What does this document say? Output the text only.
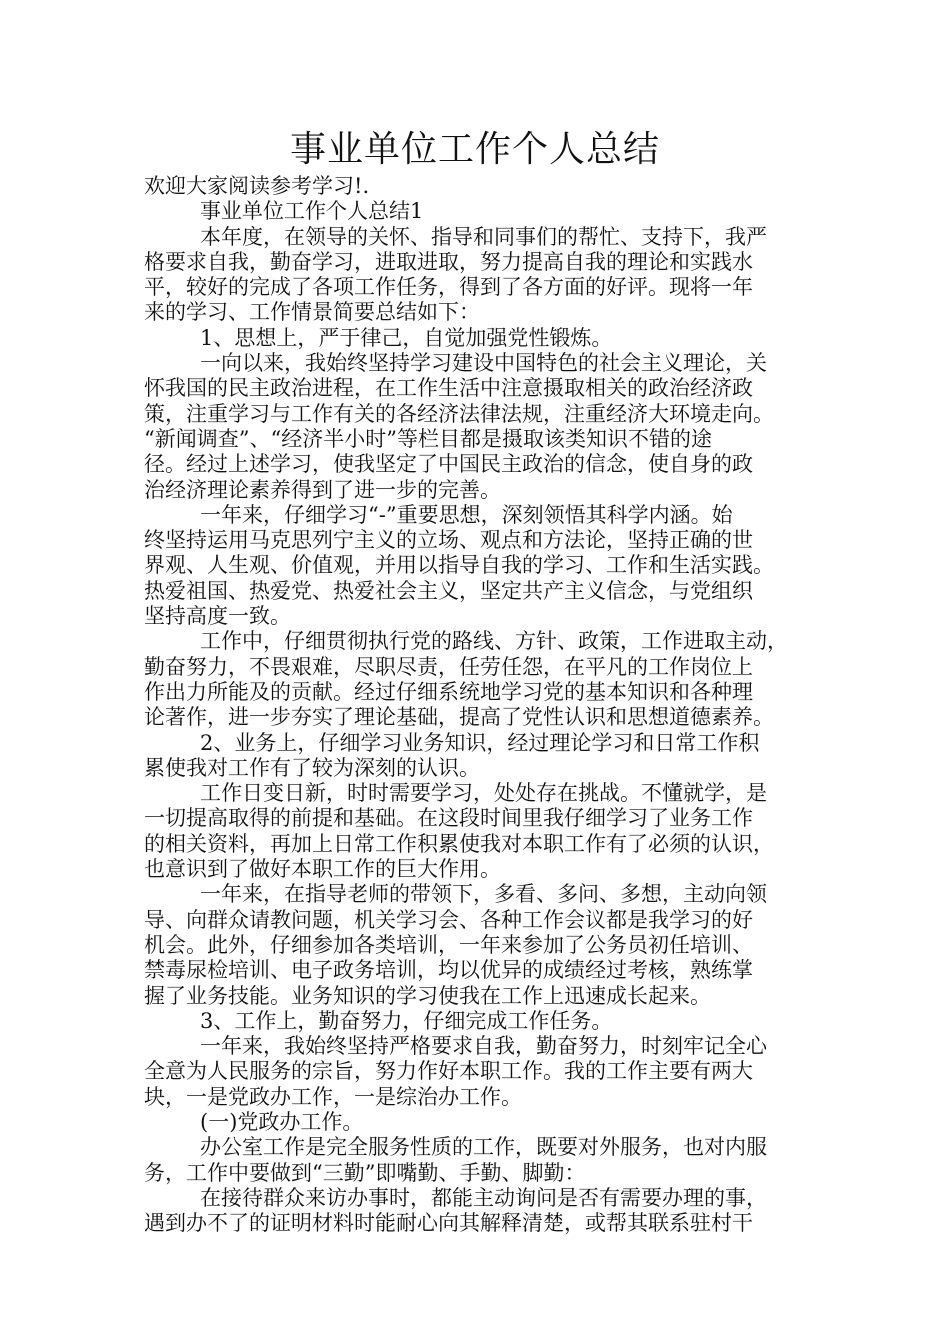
事业单位工作个人总结
欢迎大家阅读参考学习!.
事业单位工作个人总结1
本年度，在领导的关怀、指导和同事们的帮忙、支持下，我严
格要求自我，勤奋学习，进取进取，努力提高自我的理论和实践水
平，较好的完成了各项工作任务，得到了各方面的好评。现将一年
来的学习、工作情景简要总结如下：
1、思想上，严于律己，自觉加强党性锻炼。
一向以来，我始终坚持学习建设中国特色的社会主义理论，关
怀我国的民主政治进程，在工作生活中注意摄取相关的政治经济政
策，注重学习与工作有关的各经济法律法规，注重经济大环境走向。
“新闻调查”、“经济半小时”等栏目都是摄取该类知识不错的途
径。经过上述学习，使我坚定了中国民主政治的信念，使自身的政
治经济理论素养得到了进一步的完善。
一年来，仔细学习“-”重要思想，深刻领悟其科学内涵。始
终坚持运用马克思列宁主义的立场、观点和方法论，坚持正确的世
界观、人生观、价值观，并用以指导自我的学习、工作和生活实践。
热爱祖国、热爱党、热爱社会主义，坚定共产主义信念，与党组织
坚持高度一致。
工作中，仔细贯彻执行党的路线、方针、政策，工作进取主动，
勤奋努力，不畏艰难，尽职尽责，任劳任怨，在平凡的工作岗位上
作出力所能及的贡献。经过仔细系统地学习党的基本知识和各种理
论著作，进一步夯实了理论基础，提高了党性认识和思想道德素养。
2、业务上，仔细学习业务知识，经过理论学习和日常工作积
累使我对工作有了较为深刻的认识。
工作日变日新，时时需要学习，处处存在挑战。不懂就学，是
一切提高取得的前提和基础。在这段时间里我仔细学习了业务工作
的相关资料，再加上日常工作积累使我对本职工作有了必须的认识，
也意识到了做好本职工作的巨大作用。
一年来，在指导老师的带领下，多看、多问、多想，主动向领
导、向群众请教问题，机关学习会、各种工作会议都是我学习的好
机会。此外，仔细参加各类培训，一年来参加了公务员初任培训、
禁毒尿检培训、电子政务培训，均以优异的成绩经过考核，熟练掌
握了业务技能。业务知识的学习使我在工作上迅速成长起来。
3、工作上，勤奋努力，仔细完成工作任务。
一年来，我始终坚持严格要求自我，勤奋努力，时刻牢记全心
全意为人民服务的宗旨，努力作好本职工作。我的工作主要有两大
块，一是党政办工作，一是综治办工作。
(一)党政办工作。
办公室工作是完全服务性质的工作，既要对外服务，也对内服
务，工作中要做到“三勤”即嘴勤、手勤、脚勤：
在接待群众来访办事时，都能主动询问是否有需要办理的事，
遇到办不了的证明材料时能耐心向其解释清楚，或帮其联系驻村干
